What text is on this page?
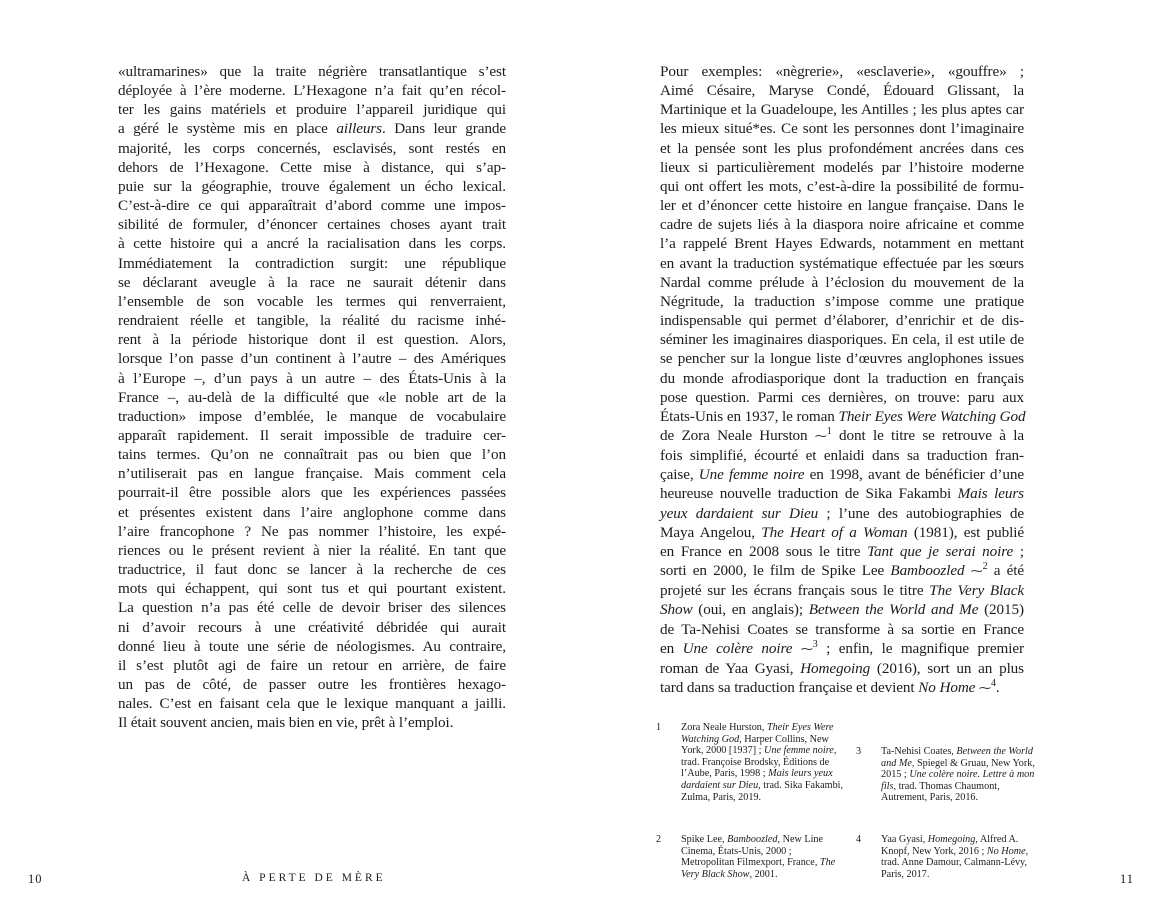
«ultramarines» que la traite négrière transatlantique s’est
déployée à l’ère moderne. L’Hexagone n’a fait qu’en récol-
ter les gains matériels et produire l’appareil juridique qui
a géré le système mis en place ailleurs. Dans leur grande
majorité, les corps concernés, esclavisés, sont restés en
dehors de l’Hexagone. Cette mise à distance, qui s’ap-
puie sur la géographie, trouve également un écho lexical.
C’est-à-dire ce qui apparaîtrait d’abord comme une impos-
sibilité de formuler, d’énoncer certaines choses ayant trait
à cette histoire qui a ancré la racialisation dans les corps.
Immédiatement la contradiction surgit: une république
se déclarant aveugle à la race ne saurait détenir dans
l’ensemble de son vocable les termes qui renverraient,
rendraient réelle et tangible, la réalité du racisme inhé-
rent à la période historique dont il est question. Alors,
lorsque l’on passe d’un continent à l’autre – des Amériques
à l’Europe –, d’un pays à un autre – des États-Unis à la
France –, au-delà de la difficulté que «le noble art de la
traduction» impose d’emblée, le manque de vocabulaire
apparaît rapidement. Il serait impossible de traduire cer-
tains termes. Qu’on ne connaîtrait pas ou bien que l’on
n’utiliserait pas en langue française. Mais comment cela
pourrait-il être possible alors que les expériences passées
et présentes existent dans l’aire anglophone comme dans
l’aire francophone ? Ne pas nommer l’histoire, les expé-
riences ou le présent revient à nier la réalité. En tant que
traductrice, il faut donc se lancer à la recherche de ces
mots qui échappent, qui sont tus et qui pourtant existent.
La question n’a pas été celle de devoir briser des silences
ni d’avoir recours à une créativité débridée qui aurait
donné lieu à toute une série de néologismes. Au contraire,
il s’est plutôt agi de faire un retour en arrière, de faire
un pas de côté, de passer outre les frontières hexago-
nales. C’est en faisant cela que le lexique manquant a jailli.
Il était souvent ancien, mais bien en vie, prêt à l’emploi.
10	À PERTE DE MÈRE
Pour exemples: «nègrerie», «esclaverie», «gouffre» ;
Aimé Césaire, Maryse Condé, Édouard Glissant, la
Martinique et la Guadeloupe, les Antilles ; les plus aptes car
les mieux situé*es. Ce sont les personnes dont l’imaginaire
et la pensée sont les plus profondément ancrées dans ces
lieux si particulièrement modelés par l’histoire moderne
qui ont offert les mots, c’est-à-dire la possibilité de formu-
ler et d’énoncer cette histoire en langue française. Dans le
cadre de sujets liés à la diaspora noire africaine et comme
l’a rappelé Brent Hayes Edwards, notamment en mettant
en avant la traduction systématique effectuée par les sœurs
Nardal comme prélude à l’éclosion du mouvement de la
Négritude, la traduction s’impose comme une pratique
indispensable qui permet d’élaborer, d’enrichir et de dis-
séminer les imaginaires diasporiques. En cela, il est utile de
se pencher sur la longue liste d’œuvres anglophones issues
du monde afrodiasporique dont la traduction en français
pose question. Parmi ces dernières, on trouve: paru aux
États-Unis en 1937, le roman Their Eyes Were Watching God
de Zora Neale Hurston ⁓$^1$ dont le titre se retrouve à la
fois simplifié, écourté et enlaidi dans sa traduction fran-
çaise, Une femme noire en 1998, avant de bénéficier d’une
heureuse nouvelle traduction de Sika Fakambi Mais leurs
yeux dardaient sur Dieu ; l’une des autobiographies de
Maya Angelou, The Heart of a Woman (1981), est publié
en France en 2008 sous le titre Tant que je serai noire ;
sorti en 2000, le film de Spike Lee Bamboozled ⁓$^2$ a été
projeté sur les écrans français sous le titre The Very Black
Show (oui, en anglais); Between the World and Me (2015)
de Ta-Nehisi Coates se transforme à sa sortie en France
en Une colère noire ⁓$^3$ ; enfin, le magnifique premier
roman de Yaa Gyasi, Homegoing (2016), sort un an plus
tard dans sa traduction française et devient No Home ⁓$^4$.
1 Zora Neale Hurston, Their Eyes Were Watching God, Harper Collins, New York, 2000 [1937] ; Une femme noire, trad. Françoise Brodsky, Éditions de l’Aube, Paris, 1998 ; Mais leurs yeux dardaient sur Dieu, trad. Sika Fakambi, Zulma, Paris, 2019.
2 Spike Lee, Bamboozled, New Line Cinema, États-Unis, 2000 ; Metropolitan Filmexport, France, The Very Black Show, 2001.
3 Ta-Nehisi Coates, Between the World and Me, Spiegel & Gruau, New York, 2015 ; Une colère noire. Lettre à mon fils, trad. Thomas Chaumont, Autrement, Paris, 2016.
4 Yaa Gyasi, Homegoing, Alfred A. Knopf, New York, 2016 ; No Home, trad. Anne Damour, Calmann-Lévy, Paris, 2017.	11
